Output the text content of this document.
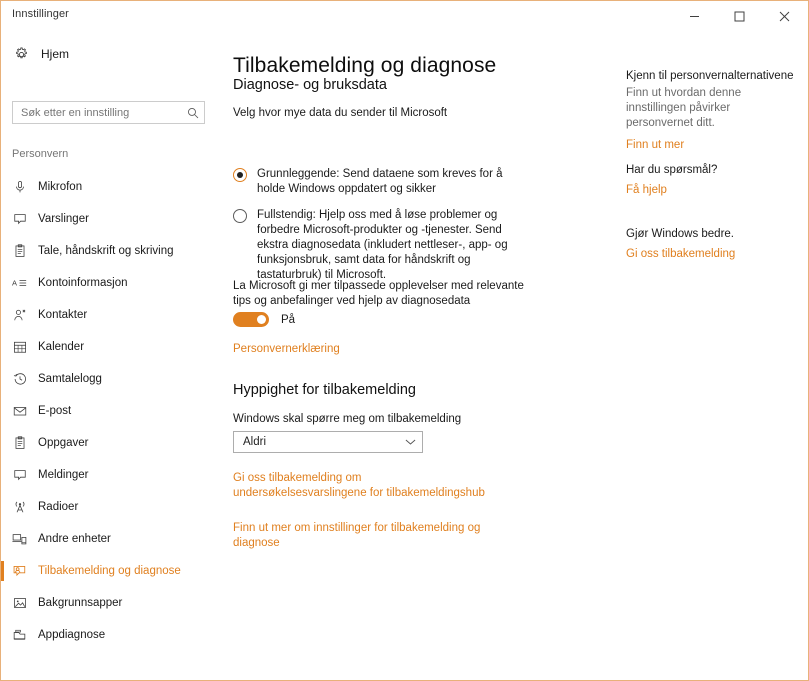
Innstillinger
Hjem
Søk etter en innstilling
Personvern
Mikrofon
Varslinger
Tale, håndskrift og skriving
A Kontoinformasjon
Kontakter
Kalender
Samtalelogg
E-post
Oppgaver
Meldinger
Radioer
Andre enheter
Tilbakemelding og diagnose
Bakgrunnsapper
Appdiagnose
Tilbakemelding og diagnose
Diagnose- og bruksdata
Velg hvor mye data du sender til Microsoft
Grunnleggende: Send dataene som kreves for å holde Windows oppdatert og sikker
Fullstendig: Hjelp oss med å løse problemer og forbedre Microsoft-produkter og -tjenester. Send ekstra diagnosedata (inkludert nettleser-, app- og funksjonsbruk, samt data for håndskrift og tastaturbruk) til Microsoft.
La Microsoft gi mer tilpassede opplevelser med relevante tips og anbefalinger ved hjelp av diagnosedata
På
Personvernerklæring
Hyppighet for tilbakemelding
Windows skal spørre meg om tilbakemelding
Aldri
Gi oss tilbakemelding om undersøkelsesvarslingene for tilbakemeldingshub
Finn ut mer om innstillinger for tilbakemelding og diagnose
Kjenn til personvernalternativene
Finn ut hvordan denne innstillingen påvirker personvernet ditt.
Finn ut mer
Har du spørsmål?
Få hjelp
Gjør Windows bedre.
Gi oss tilbakemelding
